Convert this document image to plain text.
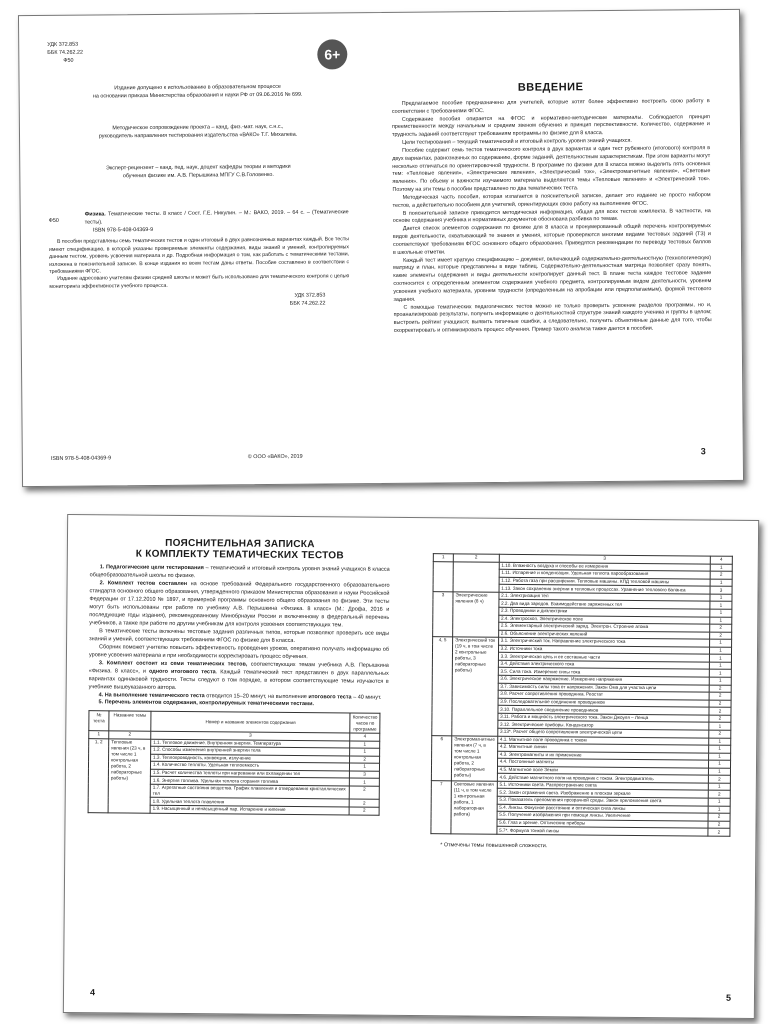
УДК 372.853
ББК 74.262.22
Ф50	6+
Издание допущено к использованию в образовательном процессе
на основании приказа Министерства образования и науки РФ от 09.06.2016 № 699.
Методическое сопровождение проекта – канд. физ.-мат. наук, с.н.с.,
руководитель направления тестирования издательства «ВАКО» Т.Г. Михалева.
Эксперт-рецензент – канд. пед. наук, доцент кафедры теории и методики
обучения физике им. А.В. Перышкина МПГУ С.В.Головенко.
Ф50
Физика. Тематические тесты. 8 класс / Сост. Г.Е. Никулин. – М.: ВАКО, 2019. – 64 с. – (Тематические тесты).
ISBN 978-5-408-04369-9
В пособии представлены семь тематических тестов и один итоговый в двух равнозначных вариантах каждый. Все тесты имеют спецификацию, в которой указаны проверяемые элементы содержания, виды знаний и умений, контролируемых данным тестом, уровень усвоения материала и др. Подробная информация о том, как работать с тематическими тестами, изложена в пояснительной записке. В конце издания ко всем тестам даны ответы. Пособие составлено в соответствии с требованиями ФГОС.
Издание адресовано учителям физики средней школы и может быть использовано для тематического контроля с целью мониторинга эффективности учебного процесса.
УДК 372.853
ББК 74.262.22
ISBN 978-5-408-04369-9	© ООО «ВАКО», 2019
ВВЕДЕНИЕ

Предлагаемое пособие предназначено для учителей, которые хотят более эффективно построить свою работу в соответствии с требованиями ФГОС.

Содержание пособия опирается на ФГОС и нормативно-методические материалы. Соблюдается принцип преемственности между начальным и средним звеном обучения и принцип перспективности. Количество, содержание и трудность заданий соответствуют требованиям программы по физике для 8 класса.

Цели тестирования – текущий тематический и итоговый контроль уровня знаний учащихся.

Пособие содержит семь тестов тематического контроля в двух вариантах и один тест рубежного (итогового) контроля в двух вариантах, равнозначных по содержанию, форме заданий, деятельностным характеристикам. При этом варианты могут несколько отличаться по ориентировочной трудности. В программе по физике для 8 класса можно выделить пять основных тем: «Тепловые явления», «Электрические явления», «Электрический ток», «Электромагнитные явления», «Световые явления». По объему и важности изучаемого материала выделяются темы «Тепловые явления» и «Электрический ток». Поэтому на эти темы в пособии представлено по два тематических теста.

Методическая часть пособия, которая излагается в пояснительной записке, делает это издание не просто набором тестов, а действительно пособием для учителей, ориентирующих свою работу на выполнение ФГОС.

В пояснительной записке приводится методическая информация, общая для всех тестов комплекта. В частности, на основе содержания учебника и нормативных документов обоснована разбивка по темам.

Дается список элементов содержания по физике для 8 класса и пронумерованный общий перечень контролируемых видов деятельности, охватывающий те знания и умения, которые проверяются многими видами тестовых заданий (ТЗ) и соответствуют требованиям ФГОС основного общего образования. Приведятся рекомендации по переводу тестовых баллов в школьные отметки.

Каждый тест имеет краткую спецификацию – документ, включающий содержательно-деятельностную (технологическую) матрицу и план, которые представлены в виде таблиц. Содержательно-деятельностная матрица позволяет сразу понять, какие элементы содержания и виды деятельности контролирует данный тест. В плане теста каждое тестовое задание соотносится с определенным элементом содержания учебного предмета, контролируемым видом деятельности, уровнем усвоения учебного материала, уровнем трудности (определенным на апробации или предполагаемым), формой тестового задания.

С помощью тематических педагогических тестов можно не только проверить усвоение разделов программы, но и, проанализировав результаты, получить информацию о деятельностной структуре знаний каждого ученика и группы в целом; выстроить рейтинг учащихся; выявить типичные ошибки, а следовательно, получить объективные данные для того, чтобы скорректировать и оптимизировать процесс обучения. Пример такого анализа также дается в пособии.

3
ПОЯСНИТЕЛЬНАЯ ЗАПИСКА
К КОМПЛЕКТУ ТЕМАТИЧЕСКИХ ТЕСТОВ

1. Педагогические цели тестирования – тематический и итоговый контроль уровня знаний учащихся 8 класса общеобразовательной школы по физике.

2. Комплект тестов составлен на основе требований Федерального государственного образовательного стандарта основного общего образования, утвержденного приказом Министерства образования и науки Российской Федерации от 17.12.2010 № 1897, и примерной программы основного общего образования по физике. Эти тесты могут быть использованы при работе по учебнику А.В. Перышкина «Физика. 8 класс» (М.: Дрофа, 2016 и последующие годы издания), рекомендованному Минобрнауки России и включенному в федеральный перечень учебников, а также при работе по другим учебникам для контроля усвоения соответствующих тем.

В тематические тесты включены тестовые задания различных типов, которые позволяют проверить все виды знаний и умений, соответствующих требованиям ФГОС по физике для 8 класса.

Сборник поможет учителю повысить эффективность проведения уроков, оперативно получать информацию об уровне усвоения материала и при необходимости корректировать процесс обучения.

3. Комплект состоит из семи тематических тестов, соответствующих темам учебника А.В. Перышкина «Физика. 8 класс», и одного итогового теста. Каждый тематический тест представлен в двух параллельных вариантах одинаковой трудности. Тесты следуют в том порядке, в котором соответствующие темы изучаются в учебнике вышеуказанного автора.

4. На выполнение тематического теста отводится 15–20 минут, на выполнение итогового теста – 40 минут.

5. Перечень элементов содержания, контролируемых тематическими тестами.

№ теста	Название темы	Номер и название элементов содержания	Количество часов по программе
1	2	3	4
1, 2	Тепловые явления (23 ч, в том числе 1 контрольная работа, 2 лабораторные работы)	1.1. Тепловое движение. Внутренняя энергия. Температура	1
		1.2. Способы изменения внутренней энергии тела	1
		1.3. Теплопроводность, конвекция, излучение	2
		1.4. Количество теплоты. Удельная теплоемкость	1
		1.5. Расчет количества теплоты при нагревании или охлаждении тел	3
		1.6. Энергия топлива. Удельная теплота сгорания топлива	1
		1.7. Агрегатные состояния вещества. График плавления и отвердевания кристаллических тел	2
		1.8. Удельная теплота плавления	2
		1.9. Насыщенный и ненасыщенный пар. Испарение и кипение	2
4
1	2	3	4
		1.10. Влажность воздуха и способы ее измерения	1
		1.11. Испарение и конденсация. Удельная теплота парообразования	2
		1.12. Работа газа при расширении. Тепловые машины. КПД тепловой машины	1
		1.13. Закон сохранения энергии в тепловых процессах. Уравнение теплового баланса	3
3	Электрические явления (8 ч)	2.1. Электризация тел	1
		2.2. Два вида зарядов. Взаимодействие заряженных тел	1
		2.3. Проводники и диэлектрики	1
		2.4. Электроскоп. Электрическое поле	1
		2.5. Элементарный электрический заряд. Электрон. Строение атома	2
		2.6. Объяснение электрических явлений	2
4, 5	Электрический ток (19 ч, в том числе 2 контрольные работы, 3 лабораторные работы)	3.1. Электрический ток. Направление электрического тока	1
		3.2. Источники тока	1
		3.3. Электрическая цепь и ее составные части	1
		3.4. Действия электрического тока	1
		3.5. Сила тока. Измерение силы тока	1
		3.6. Электрическое напряжение. Измерение напряжения	1
		3.7. Зависимость силы тока от напряжения. Закон Ома для участка цепи	2
		3.8. Расчет сопротивления проводника. Реостат	2
		3.9. Последовательное соединение проводников	2
		3.10. Параллельное соединение проводников	2
		3.11. Работа и мощность электрического тока. Закон Джоуля – Ленца	2
		3.12. Электрические приборы. Конденсатор	1
		3.13*. Расчет общего сопротивления электрической цепи	2
6	Электромагнитные явления (7 ч, в том числе 1 контрольная работа, 2 лабораторные работы)	4.1. Магнитное поле проводника с током	1
		4.2. Магнитные линии	1
		4.3. Электромагниты и их применение	1
		4.4. Постоянные магниты	1
		4.5. Магнитное поле Земли	1
		4.6. Действие магнитного поля на проводник с током. Электродвигатель	2
7	Световые явления (11 ч, в том числе 1 контрольная работа, 1 лабораторная работа)	5.1. Источники света. Распространение света	1
		5.2. Закон отражения света. Изображение в плоском зеркале	2
		5.3. Показатель преломления прозрачной среды. Закон преломления света	1
		5.4. Линзы. Фокусное расстояние и оптическая сила линзы	1
		5.5. Получение изображения при помощи линзы. Увеличение	2
		5.6. Глаз и зрение. Оптические приборы	2
		5.7*. Формула тонкой линзы	2
* Отмечены темы повышенной сложности.
5
